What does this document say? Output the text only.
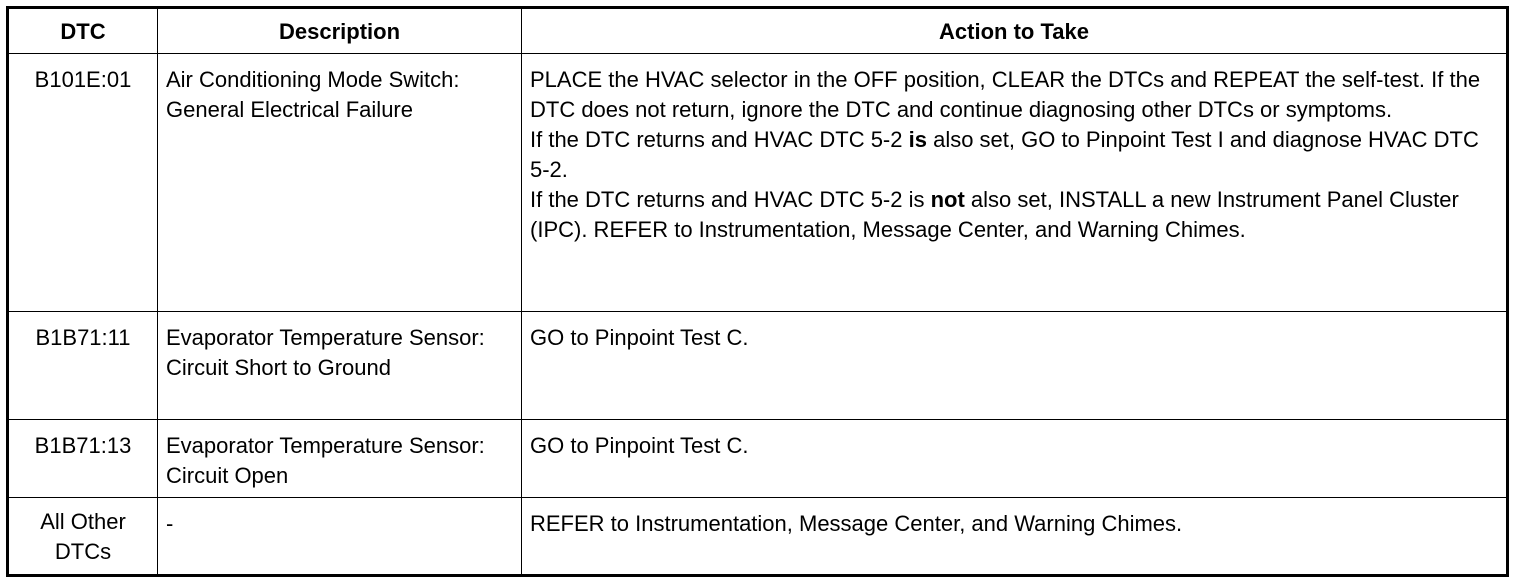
DTC	Description	Action to Take
B101E:01	Air Conditioning Mode Switch: General Electrical Failure	PLACE the HVAC selector in the OFF position, CLEAR the DTCs and REPEAT the self-test. If the DTC does not return, ignore the DTC and continue diagnosing other DTCs or symptoms.
If the DTC returns and HVAC DTC 5-2 is also set, GO to Pinpoint Test I and diagnose HVAC DTC 5-2.
If the DTC returns and HVAC DTC 5-2 is not also set, INSTALL a new Instrument Panel Cluster (IPC). REFER to Instrumentation, Message Center, and Warning Chimes.

B1B71:11	Evaporator Temperature Sensor: Circuit Short to Ground	GO to Pinpoint Test C.
B1B71:13	Evaporator Temperature Sensor: Circuit Open	GO to Pinpoint Test C.
All Other DTCs	-	REFER to Instrumentation, Message Center, and Warning Chimes.
